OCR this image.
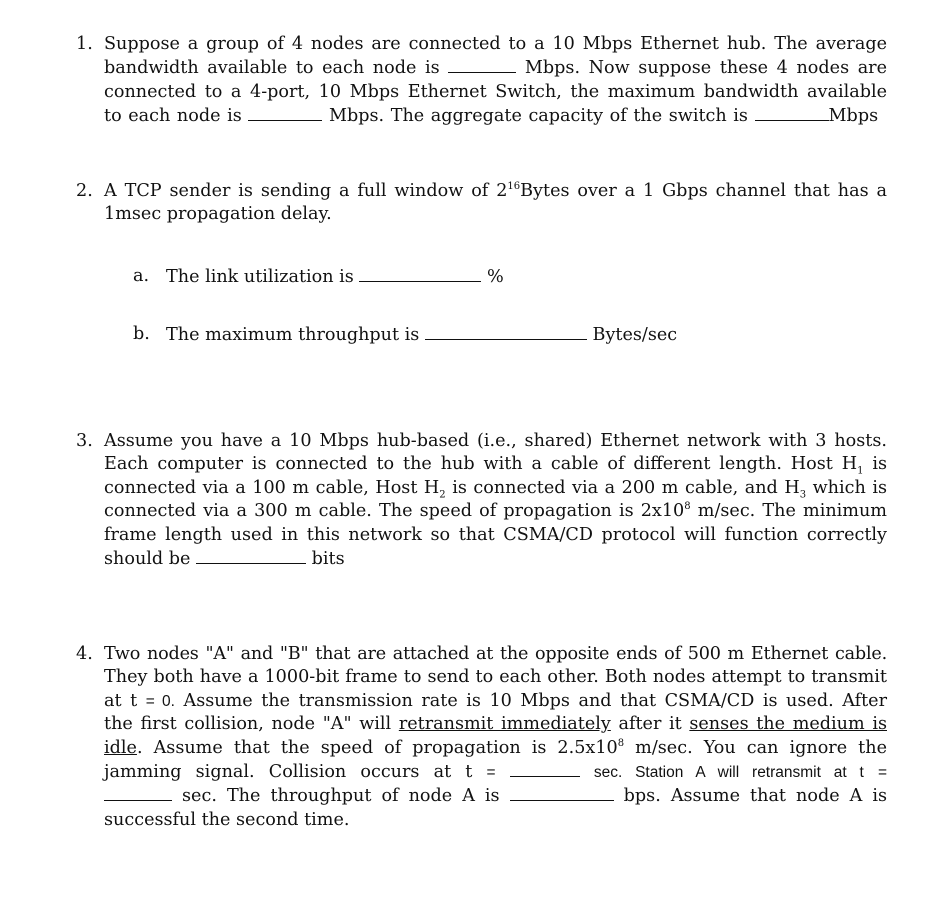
1. Suppose a group of 4 nodes are connected to a 10 Mbps Ethernet hub. The average
bandwidth available to each node is	Mbps. Now suppose these 4 nodes are
connected to a 4-port, 10 Mbps Ethernet Switch, the maximum bandwidth available
to each node is	Mbps. The aggregate capacity of the switch is	Mbps
2. A TCP sender is sending a full window of $2^{16}Bytes$ over a 1 Gbps channel that has a
1msec propagation delay.
a. The link utilization is	%
b. The maximum throughput is	Bytes/sec
3. Assume you have a 10 Mbps hub-based (i.e., shared) Ethernet network with 3 hosts.
Each computer is connected to the hub with a cable of different length. Host $H_1$ is
connected via a 100 m cable, Host $H_2$ is connected via a 200 m cable, and $H_3$ which is
connected via a 300 m cable. The speed of propagation is $2x10^8$ m/sec. The minimum
frame length used in this network so that CSMA/CD protocol will function correctly
should be	bits
4. Two nodes "A" and "B" that are attached at the opposite ends of 500 m Ethernet cable.
They both have a 1000-bit frame to send to each other. Both nodes attempt to transmit
at t = 0. Assume the transmission rate is 10 Mbps and that CSMA/CD is used. After
the first collision, node "A" will retransmit immediately after it senses the medium is
idle. Assume that the speed of propagation is $2.5x10^8$ m/sec. You can ignore the
jamming signal. Collision occurs at t =	sec. Station A will retransmit at t =
sec. The throughput of node A is	bps. Assume that node A is
successful the second time.
